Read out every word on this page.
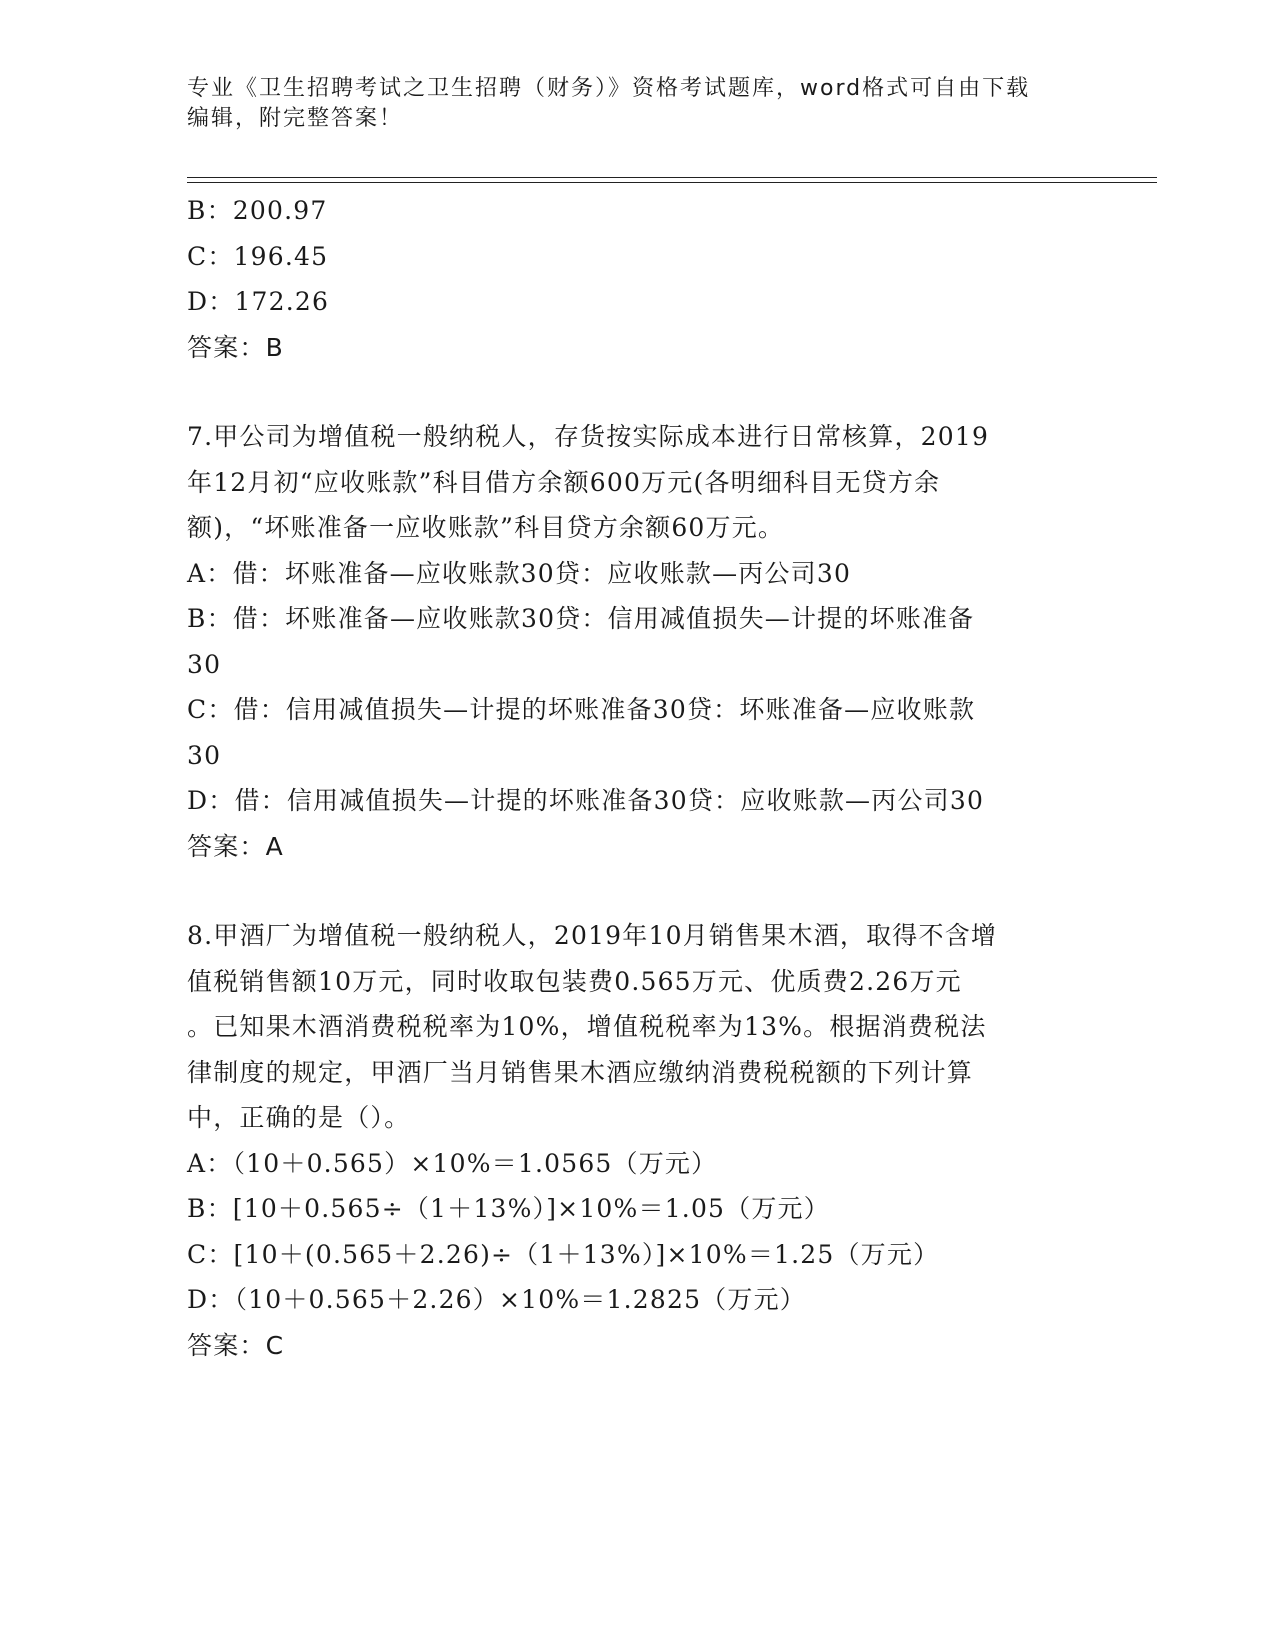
专业《卫生招聘考试之卫生招聘（财务）》资格考试题库，word格式可自由下载
编辑，附完整答案！
B：200.97
C：196.45
D：172.26
答案：B
7.甲公司为增值税一般纳税人，存货按实际成本进行日常核算，2019
年12月初“应收账款”科目借方余额600万元(各明细科目无贷方余
额)，“坏账准备一应收账款”科目贷方余额60万元。
A：借：坏账准备—应收账款30贷：应收账款—丙公司30
B：借：坏账准备—应收账款30贷：信用减值损失—计提的坏账准备
30
C：借：信用减值损失—计提的坏账准备30贷：坏账准备—应收账款
30
D：借：信用减值损失—计提的坏账准备30贷：应收账款—丙公司30
答案：A
8.甲酒厂为增值税一般纳税人，2019年10月销售果木酒，取得不含增
值税销售额10万元，同时收取包装费0.565万元、优质费2.26万元
。已知果木酒消费税税率为10%，增值税税率为13%。根据消费税法
律制度的规定，甲酒厂当月销售果木酒应缴纳消费税税额的下列计算
中，正确的是（）。
A：（10＋0.565）×10%＝1.0565（万元）
B：[10＋0.565÷（1＋13%）]×10%＝1.05（万元）
C：[10＋(0.565＋2.26)÷（1＋13%）]×10%＝1.25（万元）
D：（10＋0.565＋2.26）×10%＝1.2825（万元）
答案：C
